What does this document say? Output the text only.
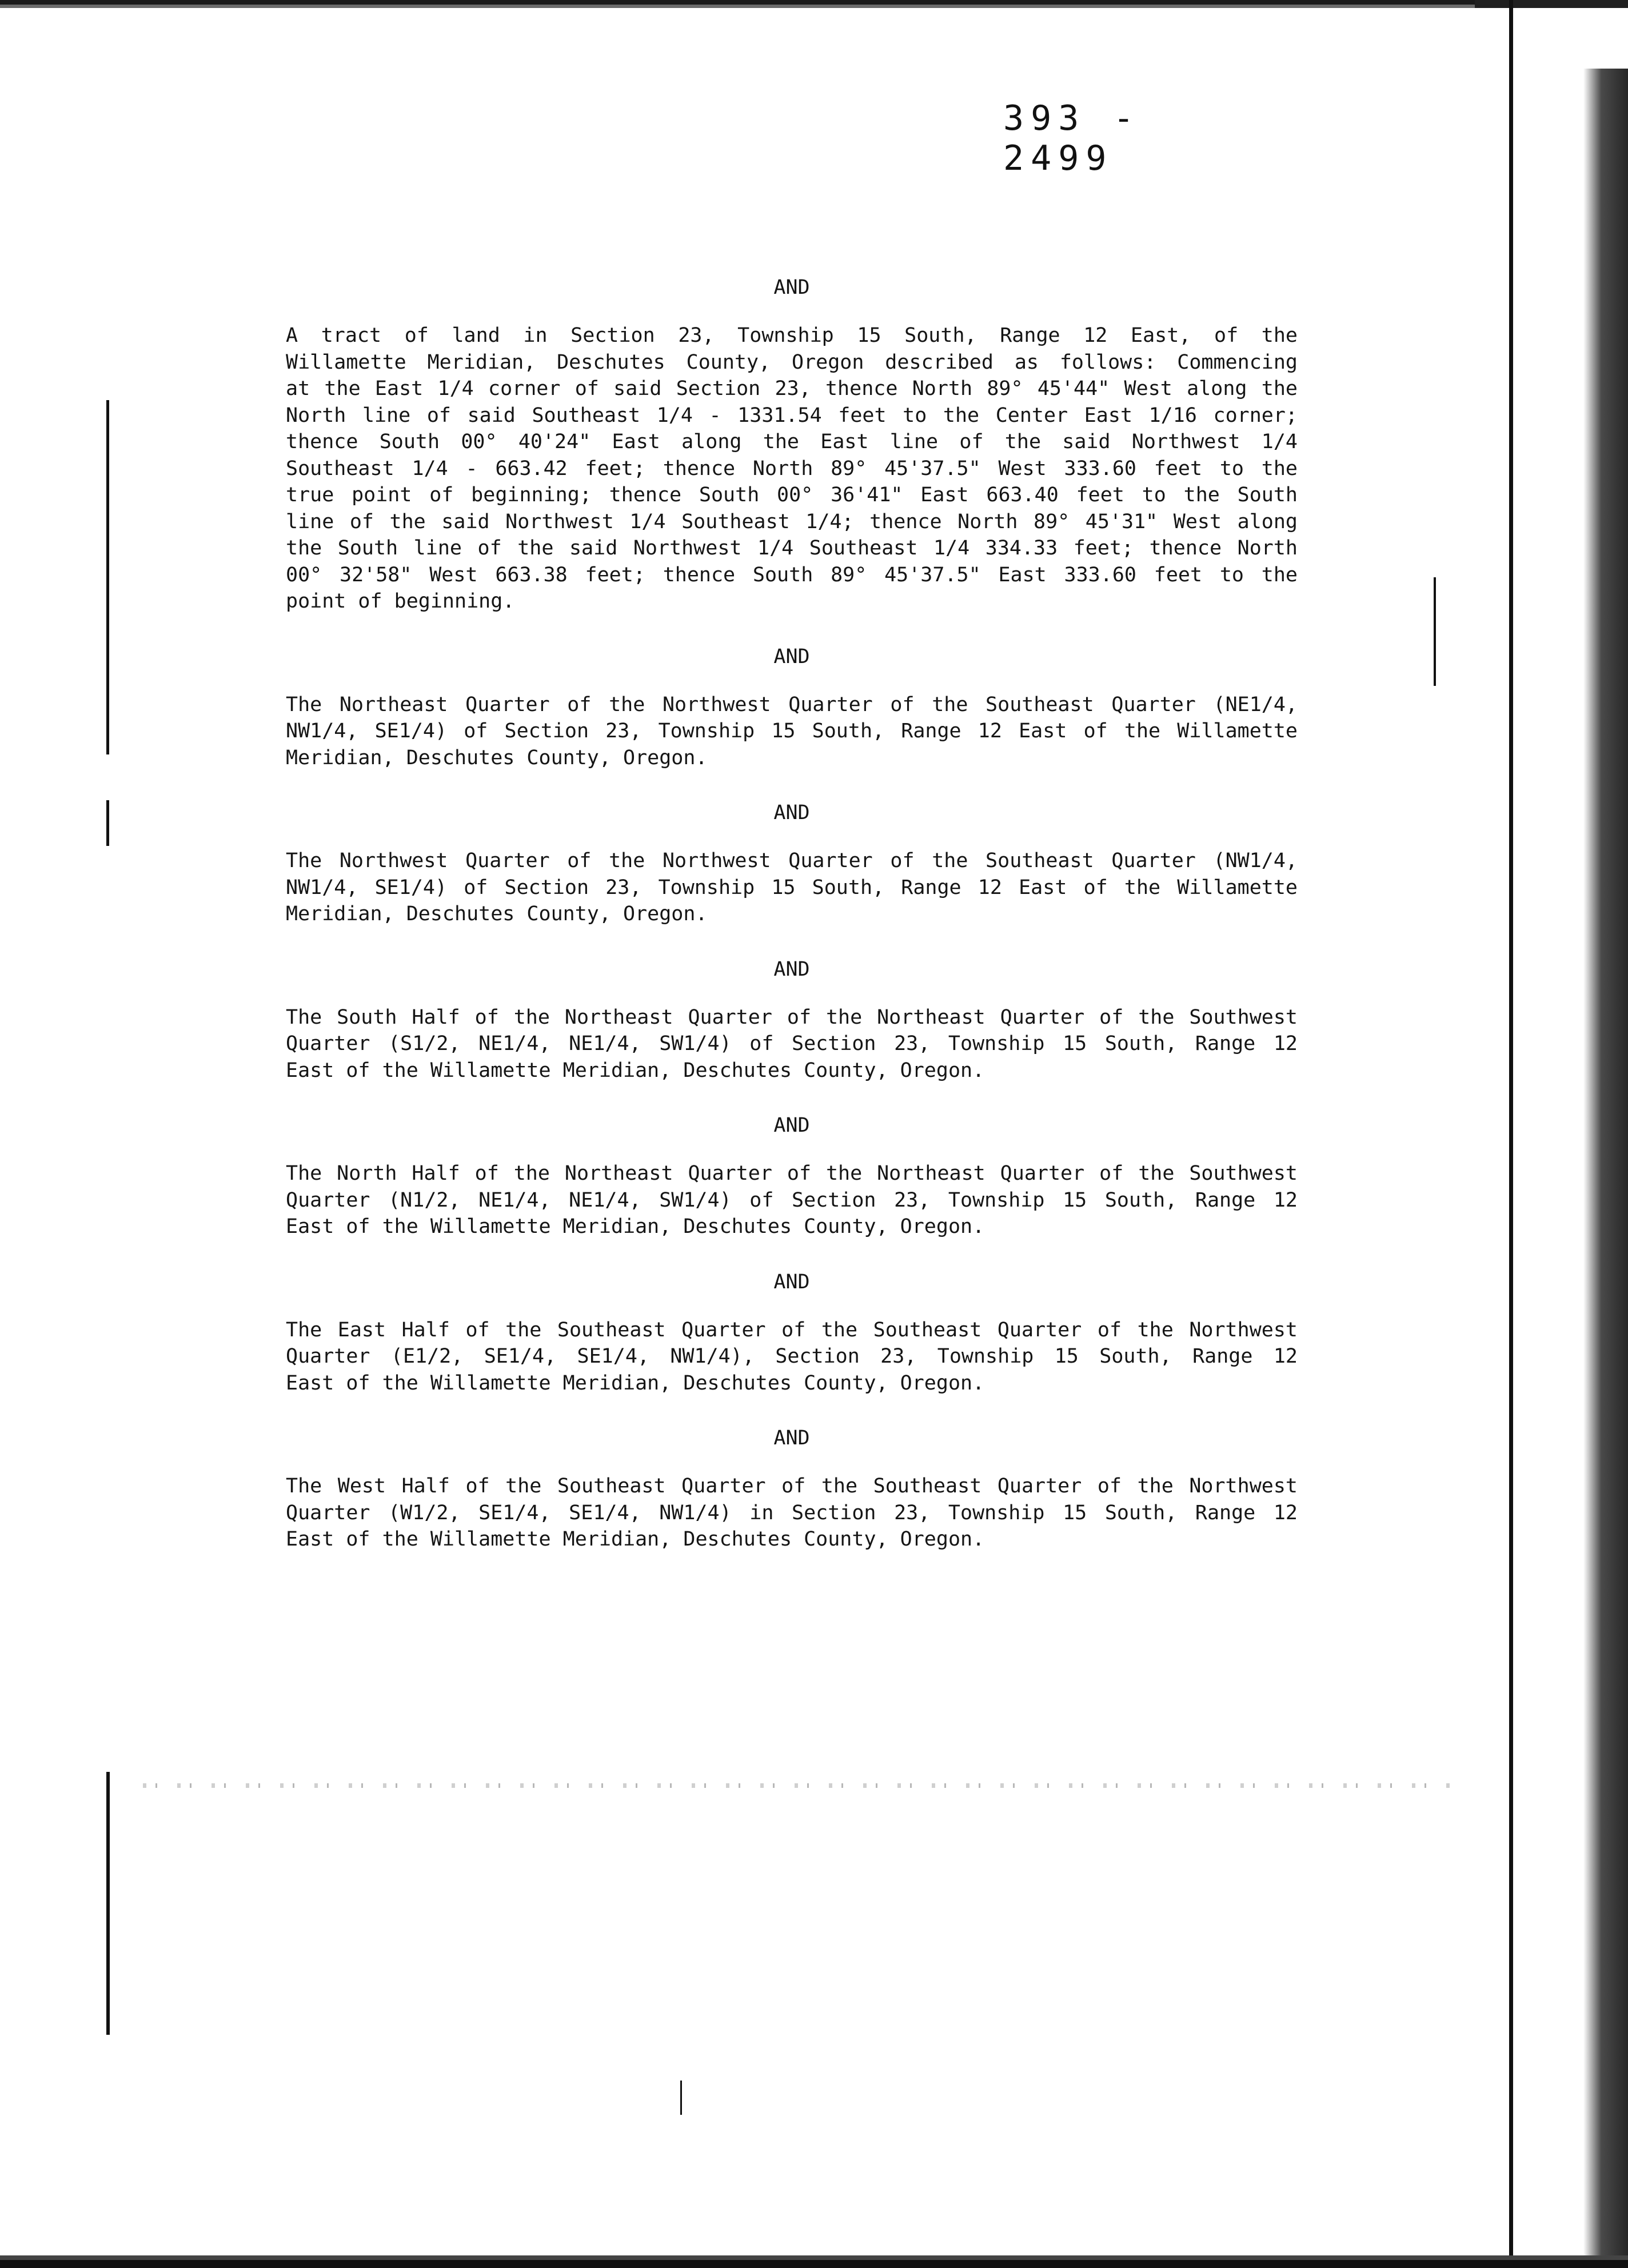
393 - 2499
AND
A tract of land in Section 23, Township 15 South, Range 12 East, of the
Willamette Meridian, Deschutes County, Oregon described as follows: Commencing
at the East 1/4 corner of said Section 23, thence North 89° 45'44" West along the
North line of said Southeast 1/4 - 1331.54 feet to the Center East 1/16 corner;
thence South 00° 40'24" East along the East line of the said Northwest 1/4
Southeast 1/4 - 663.42 feet; thence North 89° 45'37.5" West 333.60 feet to the
true point of beginning; thence South 00° 36'41" East 663.40 feet to the South
line of the said Northwest 1/4 Southeast 1/4; thence North 89° 45'31" West along
the South line of the said Northwest 1/4 Southeast 1/4 334.33 feet; thence North
00° 32'58" West 663.38 feet; thence South 89° 45'37.5" East 333.60 feet to the
point of beginning.
AND
The Northeast Quarter of the Northwest Quarter of the Southeast Quarter (NE1/4,
NW1/4, SE1/4) of Section 23, Township 15 South, Range 12 East of the Willamette
Meridian, Deschutes County, Oregon.
AND
The Northwest Quarter of the Northwest Quarter of the Southeast Quarter (NW1/4,
NW1/4, SE1/4) of Section 23, Township 15 South, Range 12 East of the Willamette
Meridian, Deschutes County, Oregon.
AND
The South Half of the Northeast Quarter of the Northeast Quarter of the Southwest
Quarter (S1/2, NE1/4, NE1/4, SW1/4) of Section 23, Township 15 South, Range 12
East of the Willamette Meridian, Deschutes County, Oregon.
AND
The North Half of the Northeast Quarter of the Northeast Quarter of the Southwest
Quarter (N1/2, NE1/4, NE1/4, SW1/4) of Section 23, Township 15 South, Range 12
East of the Willamette Meridian, Deschutes County, Oregon.
AND
The East Half of the Southeast Quarter of the Southeast Quarter of the Northwest
Quarter (E1/2, SE1/4, SE1/4, NW1/4), Section 23, Township 15 South, Range 12
East of the Willamette Meridian, Deschutes County, Oregon.
AND
The West Half of the Southeast Quarter of the Southeast Quarter of the Northwest
Quarter (W1/2, SE1/4, SE1/4, NW1/4) in Section 23, Township 15 South, Range 12
East of the Willamette Meridian, Deschutes County, Oregon.
